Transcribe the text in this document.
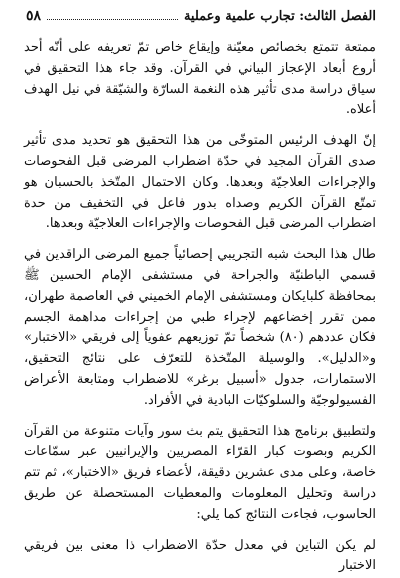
الفصل الثالث: تجارب علمية وعملية
٥٨

ممتعة تتمتع بخصائص معيّنة وإيقاع خاص تمّ تعريفه على أنّه أحد أروع أبعاد الإعجاز البياني في القرآن. وقد جاء هذا التحقيق في سياق دراسة مدى تأثير هذه النغمة السارّة والشيّقة في نيل الهدف أعلاه.

إنّ الهدف الرئيس المتوخّى من هذا التحقيق هو تحديد مدى تأثير صدى القرآن المجيد في حدّة اضطراب المرضى قبل الفحوصات والإجراءات العلاجيّة وبعدها. وكان الاحتمال المتّخذ بالحسبان هو تمتّع القرآن الكريم وصداه بدور فاعل في التخفيف من حدة اضطراب المرضى قبل الفحوصات والإجراءات العلاجيّة وبعدها.

طال هذا البحث شبه التجريبي إحصائياً جميع المرضى الراقدين في قسمي الباطنيّة والجراحة في مستشفى الإمام الحسين ﷺ بمحافظة كلبايكان ومستشفى الإمام الخميني في العاصمة طهران، ممن تقرر إخضاعهم لإجراء طبي من إجراءات مداهمة الجسم فكان عددهم (٨٠) شخصاً تمّ توزيعهم عفوياً إلى فريقي «الاختبار» و«الدليل». والوسيلة المتّخذة للتعرّف على نتائج التحقيق، الاستمارات، جدول «أسبيل برغر» للاضطراب ومتابعة الأعراض الفسيولوجيّة والسلوكيّات البادية في الأفراد.

ولتطبيق برنامج هذا التحقيق يتم بث سور وآيات متنوعة من القرآن الكريم وبصوت كبار القرّاء المصريين والإيرانيين عبر سمّاعات خاصة، وعلى مدى عشرين دقيقة، لأعضاء فريق «الاختبار»، ثم تتم دراسة وتحليل المعلومات والمعطيات المستحصلة عن طريق الحاسوب، فجاءت النتائج كما يلي:

لم يكن التباين في معدل حدّة الاضطراب ذا معنى بين فريقي الاختبار
